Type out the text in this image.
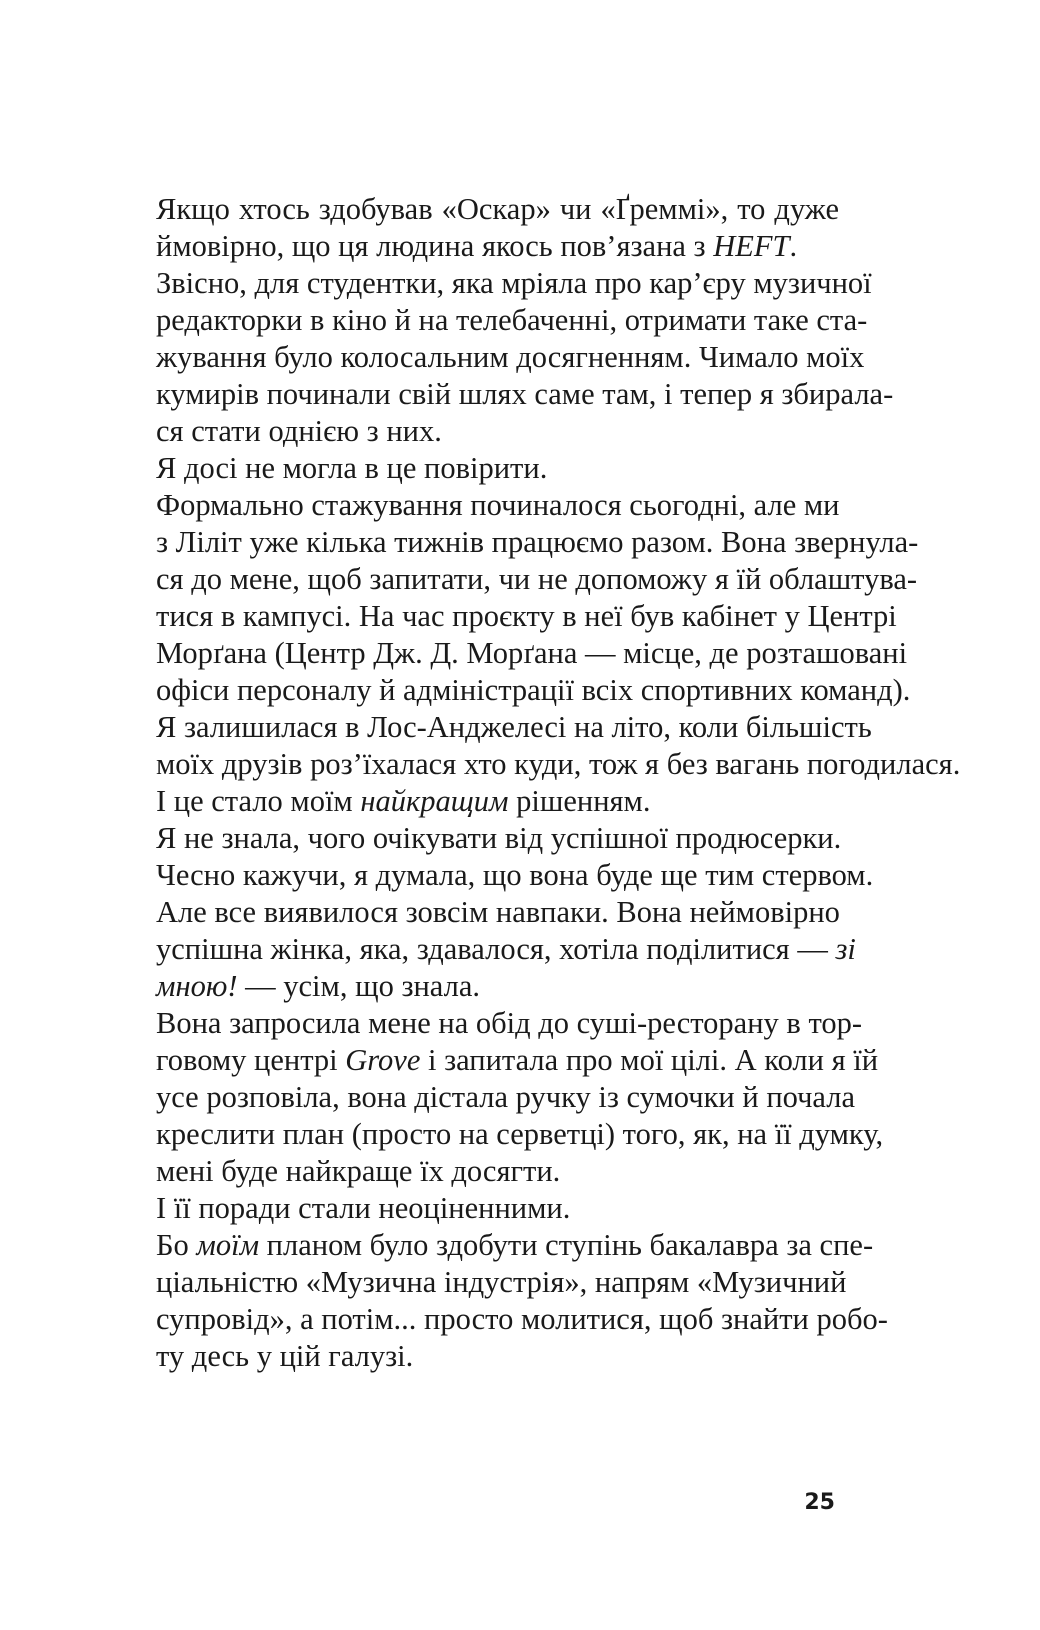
Якщо хтось здобував «Оскар» чи «Ґреммі», то дуже
ймовірно, що ця людина якось пов’язана з HEFT.

Звісно, для студентки, яка мріяла про кар’єру музичної
редакторки в кіно й на телебаченні, отримати таке ста-
жування було колосальним досягненням. Чимало моїх
кумирів починали свій шлях саме там, і тепер я збирала-
ся стати однією з них.

Я досі не могла в це повірити.

Формально стажування починалося сьогодні, але ми
з Ліліт уже кілька тижнів працюємо разом. Вона звернула-
ся до мене, щоб запитати, чи не допоможу я їй облаштува-
тися в кампусі. На час проєкту в неї був кабінет у Центрі
Морґана (Центр Дж. Д. Морґана — місце, де розташовані
офіси персоналу й адміністрації всіх спортивних команд).
Я залишилася в Лос-Анджелесі на літо, коли більшість
моїх друзів роз’їхалася хто куди, тож я без вагань погодилася.

І це стало моїм найкращим рішенням.

Я не знала, чого очікувати від успішної продюсерки.
Чесно кажучи, я думала, що вона буде ще тим стервом.
Але все виявилося зовсім навпаки. Вона неймовірно
успішна жінка, яка, здавалося, хотіла поділитися — зі
мною! — усім, що знала.

Вона запросила мене на обід до суші-ресторану в тор-
говому центрі Grove і запитала про мої цілі. А коли я їй
усе розповіла, вона дістала ручку із сумочки й почала
креслити план (просто на серветці) того, як, на її думку,
мені буде найкраще їх досягти.

І її поради стали неоціненними.

Бо моїм планом було здобути ступінь бакалавра за спе-
ціальністю «Музична індустрія», напрям «Музичний
супровід», а потім... просто молитися, щоб знайти робо-
ту десь у цій галузі.

25
